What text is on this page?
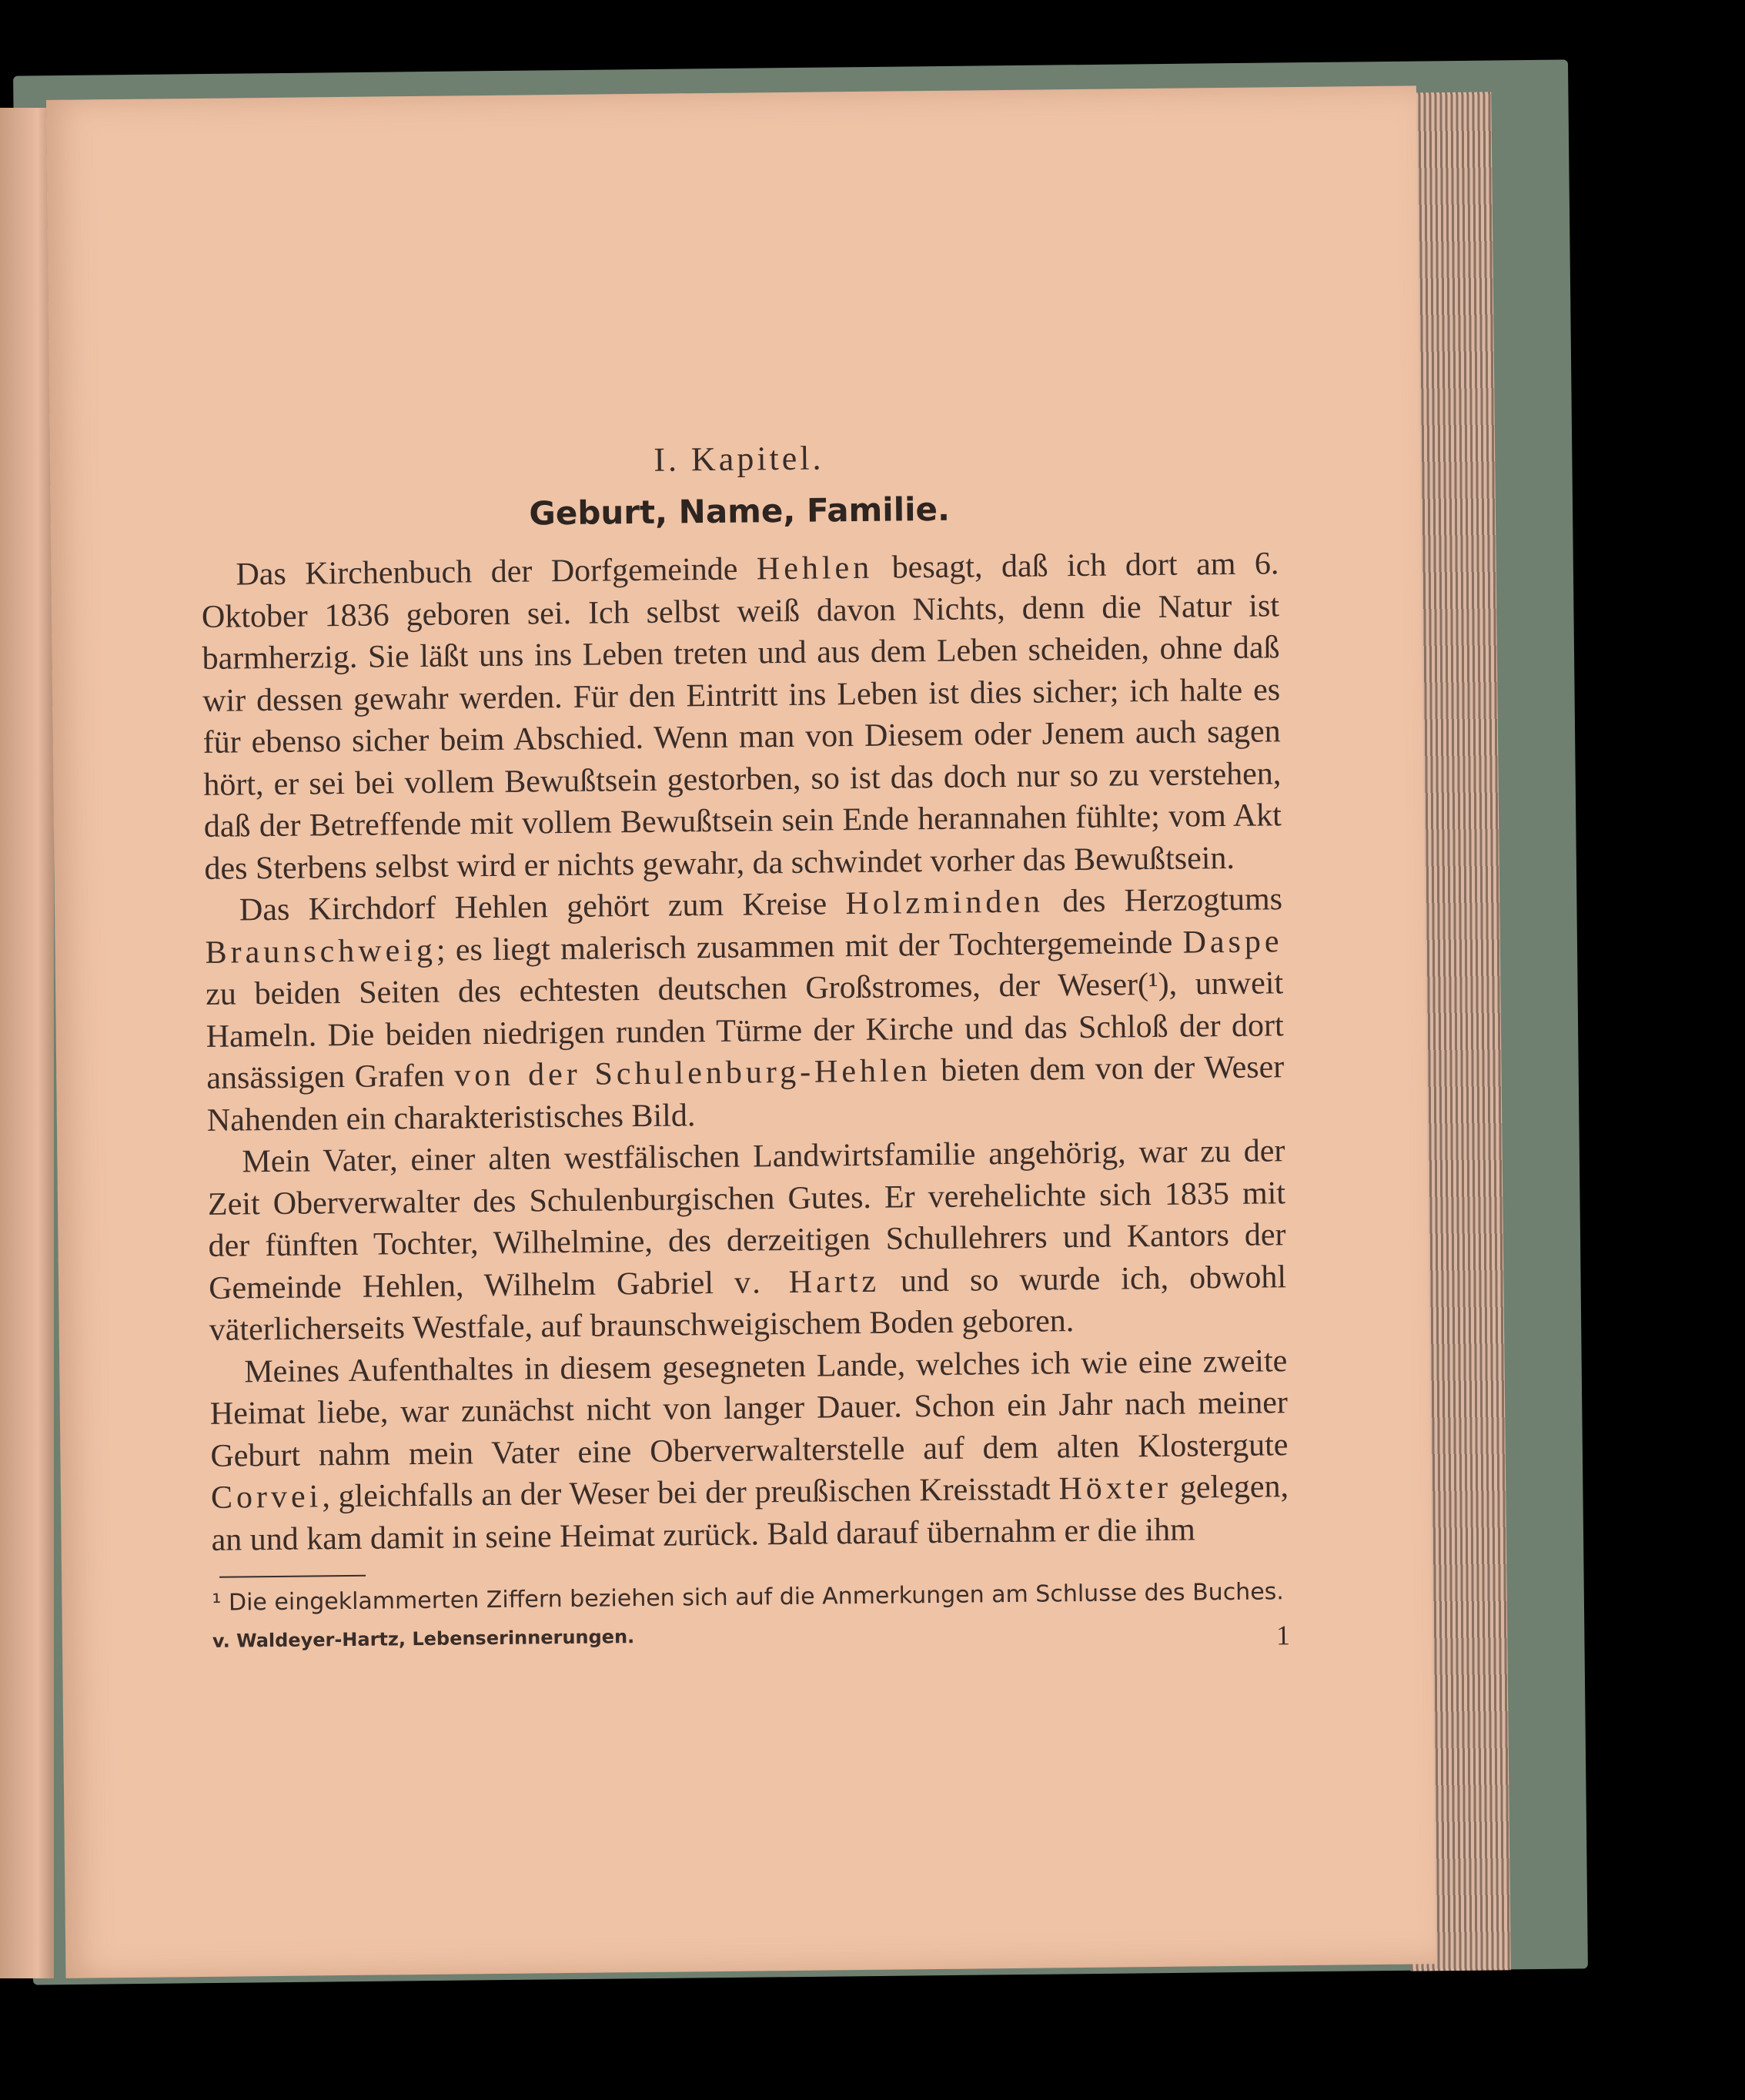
I. Kapitel.

Geburt, Name, Familie.

Das Kirchenbuch der Dorfgemeinde Hehlen besagt, daß ich dort am 6. Oktober 1836 geboren sei. Ich selbst weiß davon Nichts, denn die Natur ist barmherzig. Sie läßt uns ins Leben treten und aus dem Leben scheiden, ohne daß wir dessen gewahr werden. Für den Eintritt ins Leben ist dies sicher; ich halte es für ebenso sicher beim Abschied. Wenn man von Diesem oder Jenem auch sagen hört, er sei bei vollem Bewußtsein gestorben, so ist das doch nur so zu verstehen, daß der Betreffende mit vollem Bewußtsein sein Ende herannahen fühlte; vom Akt des Sterbens selbst wird er nichts gewahr, da schwindet vorher das Bewußtsein.

Das Kirchdorf Hehlen gehört zum Kreise Holzminden des Herzogtums Braunschweig; es liegt malerisch zusammen mit der Tochtergemeinde Daspe zu beiden Seiten des echtesten deutschen Großstromes, der Weser(¹), unweit Hameln. Die beiden niedrigen runden Türme der Kirche und das Schloß der dort ansässigen Grafen von der Schulenburg-Hehlen bieten dem von der Weser Nahenden ein charakteristisches Bild.

Mein Vater, einer alten westfälischen Landwirtsfamilie angehörig, war zu der Zeit Oberverwalter des Schulenburgischen Gutes. Er verehelichte sich 1835 mit der fünften Tochter, Wilhelmine, des derzeitigen Schullehrers und Kantors der Gemeinde Hehlen, Wilhelm Gabriel v. Hartz und so wurde ich, obwohl väterlicherseits Westfale, auf braunschweigischem Boden geboren.

Meines Aufenthaltes in diesem gesegneten Lande, welches ich wie eine zweite Heimat liebe, war zunächst nicht von langer Dauer. Schon ein Jahr nach meiner Geburt nahm mein Vater eine Oberverwalterstelle auf dem alten Klostergute Corvei, gleichfalls an der Weser bei der preußischen Kreisstadt Höxter gelegen, an und kam damit in seine Heimat zurück. Bald darauf übernahm er die ihm

¹ Die eingeklammerten Ziffern beziehen sich auf die Anmerkungen am Schlusse des Buches.

v. Waldeyer-Hartz, Lebenserinnerungen.	1
